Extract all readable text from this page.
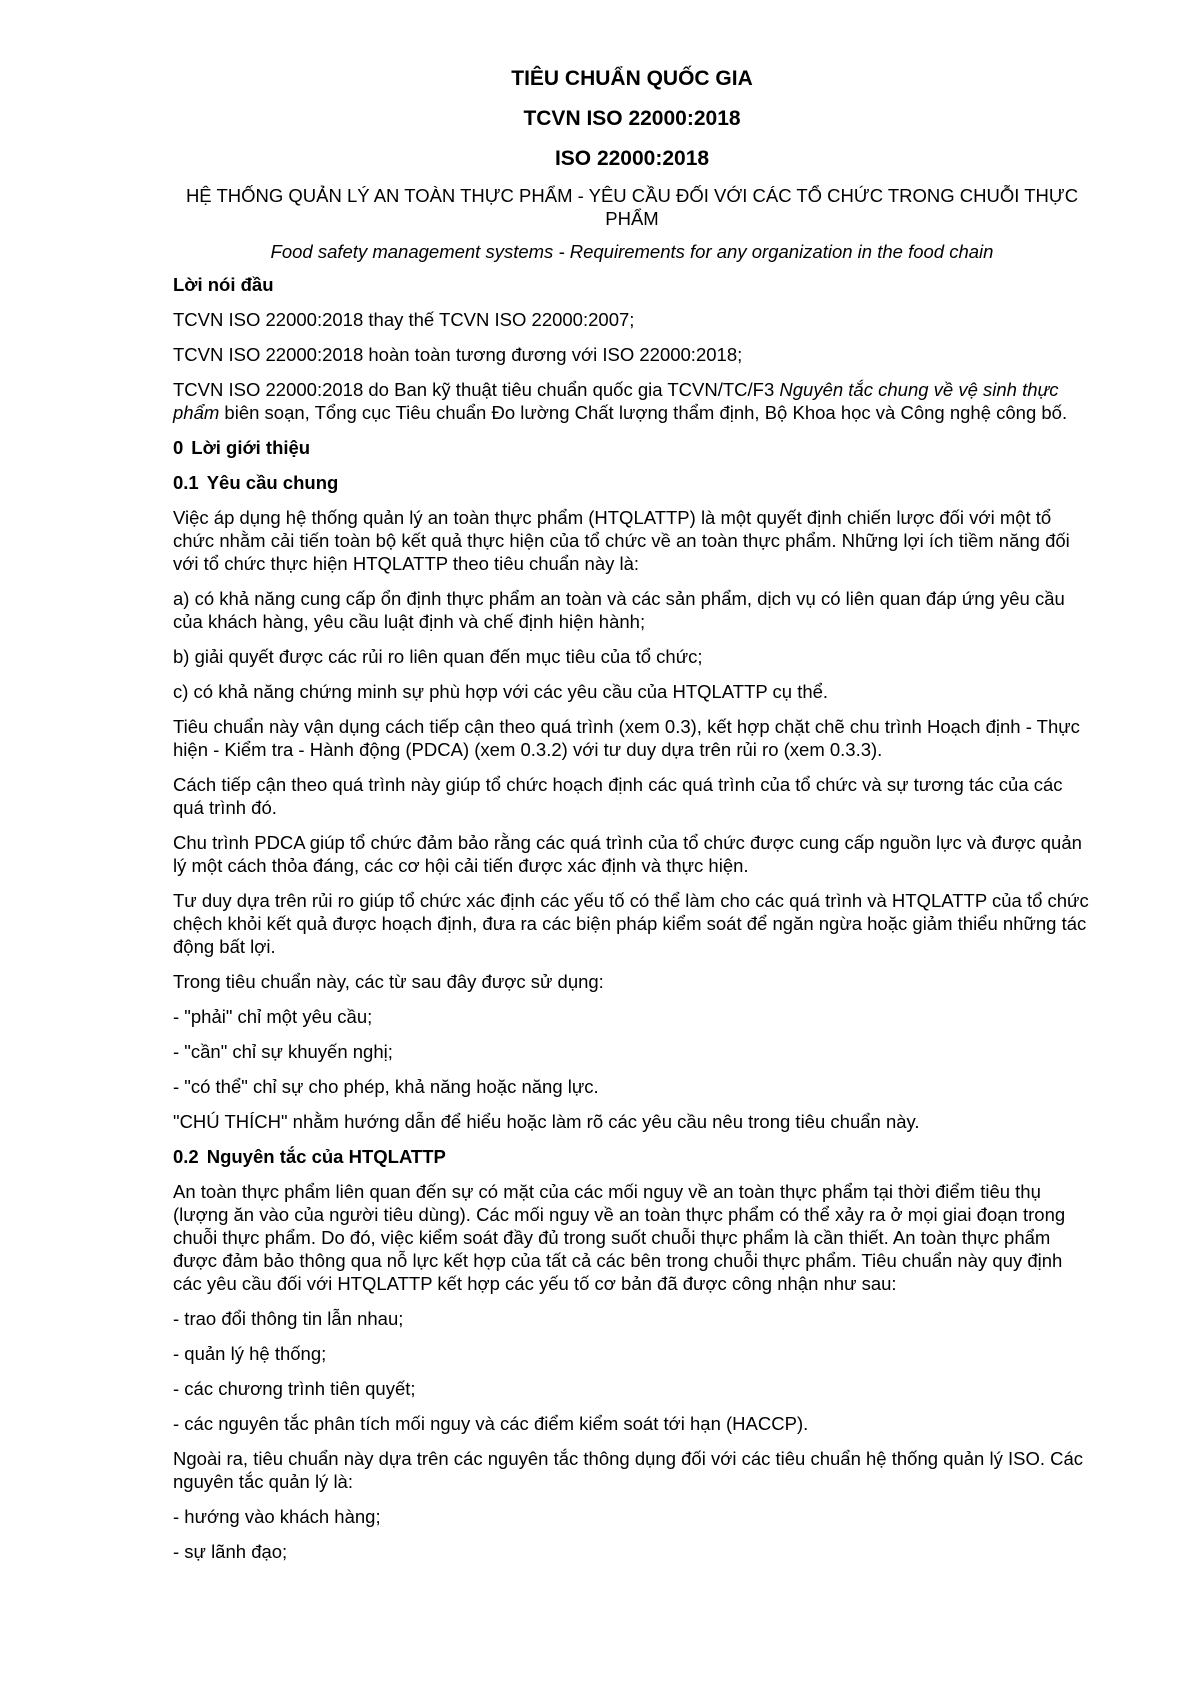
TIÊU CHUẨN QUỐC GIA
TCVN ISO 22000:2018
ISO 22000:2018
HỆ THỐNG QUẢN LÝ AN TOÀN THỰC PHẨM - YÊU CẦU ĐỐI VỚI CÁC TỔ CHỨC TRONG CHUỖI THỰC PHẨM
Food safety management systems - Requirements for any organization in the food chain
Lời nói đầu

TCVN ISO 22000:2018 thay thế TCVN ISO 22000:2007;

TCVN ISO 22000:2018 hoàn toàn tương đương với ISO 22000:2018;

TCVN ISO 22000:2018 do Ban kỹ thuật tiêu chuẩn quốc gia TCVN/TC/F3 Nguyên tắc chung về vệ sinh thực phẩm biên soạn, Tổng cục Tiêu chuẩn Đo lường Chất lượng thẩm định, Bộ Khoa học và Công nghệ công bố.

0 Lời giới thiệu
0.1 Yêu cầu chung

Việc áp dụng hệ thống quản lý an toàn thực phẩm (HTQLATTP) là một quyết định chiến lược đối với một tổ chức nhằm cải tiến toàn bộ kết quả thực hiện của tổ chức về an toàn thực phẩm. Những lợi ích tiềm năng đối với tổ chức thực hiện HTQLATTP theo tiêu chuẩn này là:

a) có khả năng cung cấp ổn định thực phẩm an toàn và các sản phẩm, dịch vụ có liên quan đáp ứng yêu cầu của khách hàng, yêu cầu luật định và chế định hiện hành;

b) giải quyết được các rủi ro liên quan đến mục tiêu của tổ chức;

c) có khả năng chứng minh sự phù hợp với các yêu cầu của HTQLATTP cụ thể.

Tiêu chuẩn này vận dụng cách tiếp cận theo quá trình (xem 0.3), kết hợp chặt chẽ chu trình Hoạch định - Thực hiện - Kiểm tra - Hành động (PDCA) (xem 0.3.2) với tư duy dựa trên rủi ro (xem 0.3.3).

Cách tiếp cận theo quá trình này giúp tổ chức hoạch định các quá trình của tổ chức và sự tương tác của các quá trình đó.

Chu trình PDCA giúp tổ chức đảm bảo rằng các quá trình của tổ chức được cung cấp nguồn lực và được quản lý một cách thỏa đáng, các cơ hội cải tiến được xác định và thực hiện.

Tư duy dựa trên rủi ro giúp tổ chức xác định các yếu tố có thể làm cho các quá trình và HTQLATTP của tổ chức chệch khỏi kết quả được hoạch định, đưa ra các biện pháp kiểm soát để ngăn ngừa hoặc giảm thiểu những tác động bất lợi.

Trong tiêu chuẩn này, các từ sau đây được sử dụng:

- "phải" chỉ một yêu cầu;

- "cần" chỉ sự khuyến nghị;

- "có thể" chỉ sự cho phép, khả năng hoặc năng lực.

"CHÚ THÍCH" nhằm hướng dẫn để hiểu hoặc làm rõ các yêu cầu nêu trong tiêu chuẩn này.

0.2 Nguyên tắc của HTQLATTP

An toàn thực phẩm liên quan đến sự có mặt của các mối nguy về an toàn thực phẩm tại thời điểm tiêu thụ (lượng ăn vào của người tiêu dùng). Các mối nguy về an toàn thực phẩm có thể xảy ra ở mọi giai đoạn trong chuỗi thực phẩm. Do đó, việc kiểm soát đầy đủ trong suốt chuỗi thực phẩm là cần thiết. An toàn thực phẩm được đảm bảo thông qua nỗ lực kết hợp của tất cả các bên trong chuỗi thực phẩm. Tiêu chuẩn này quy định các yêu cầu đối với HTQLATTP kết hợp các yếu tố cơ bản đã được công nhận như sau:

- trao đổi thông tin lẫn nhau;

- quản lý hệ thống;

- các chương trình tiên quyết;

- các nguyên tắc phân tích mối nguy và các điểm kiểm soát tới hạn (HACCP).

Ngoài ra, tiêu chuẩn này dựa trên các nguyên tắc thông dụng đối với các tiêu chuẩn hệ thống quản lý ISO. Các nguyên tắc quản lý là:

- hướng vào khách hàng;

- sự lãnh đạo;
